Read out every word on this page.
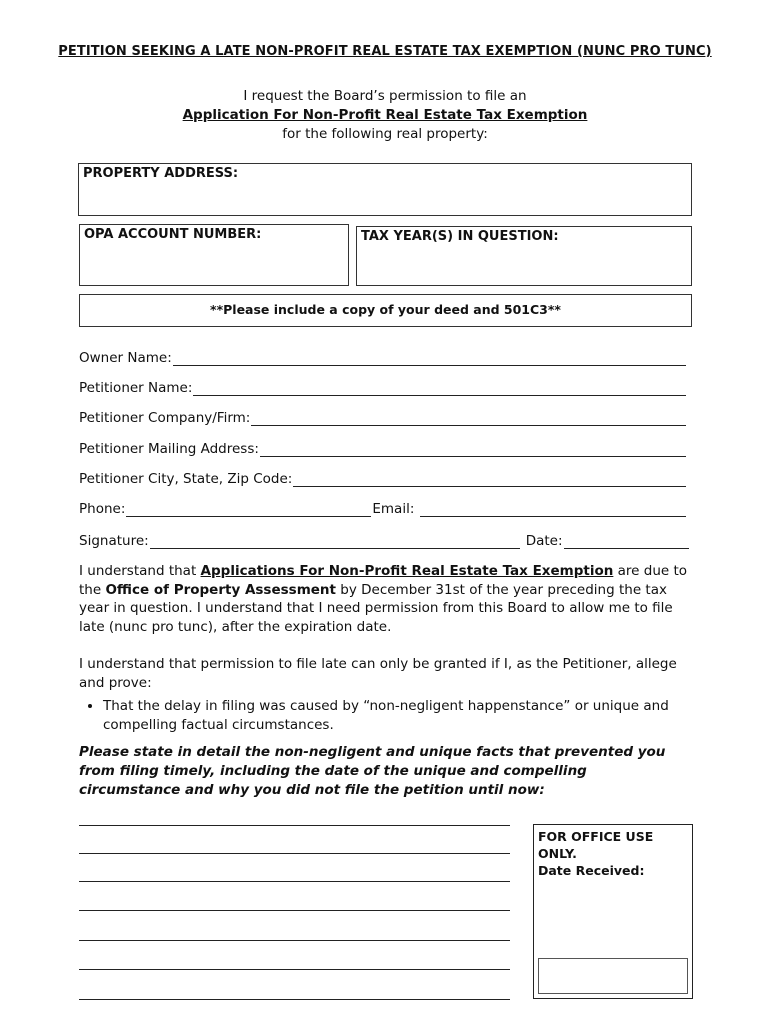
PETITION SEEKING A LATE NON-PROFIT REAL ESTATE TAX EXEMPTION (NUNC PRO TUNC)
I request the Board’s permission to file an
Application For Non-Profit Real Estate Tax Exemption
for the following real property:
PROPERTY ADDRESS:
OPA ACCOUNT NUMBER:	TAX YEAR(S) IN QUESTION:
**Please include a copy of your deed and 501C3**
Owner Name:
Petitioner Name:
Petitioner Company/Firm:
Petitioner Mailing Address:
Petitioner City, State, Zip Code:
Phone:	Email:
Signature:	Date:
I understand that Applications For Non-Profit Real Estate Tax Exemption are due to the Office of Property Assessment by December 31st of the year preceding the tax year in question. I understand that I need permission from this Board to allow me to file late (nunc pro tunc), after the expiration date.
I understand that permission to file late can only be granted if I, as the Petitioner, allege and prove:
• That the delay in filing was caused by “non-negligent happenstance” or unique and compelling factual circumstances.
Please state in detail the non-negligent and unique facts that prevented you from filing timely, including the date of the unique and compelling circumstance and why you did not file the petition until now:
FOR OFFICE USE ONLY.
Date Received:
